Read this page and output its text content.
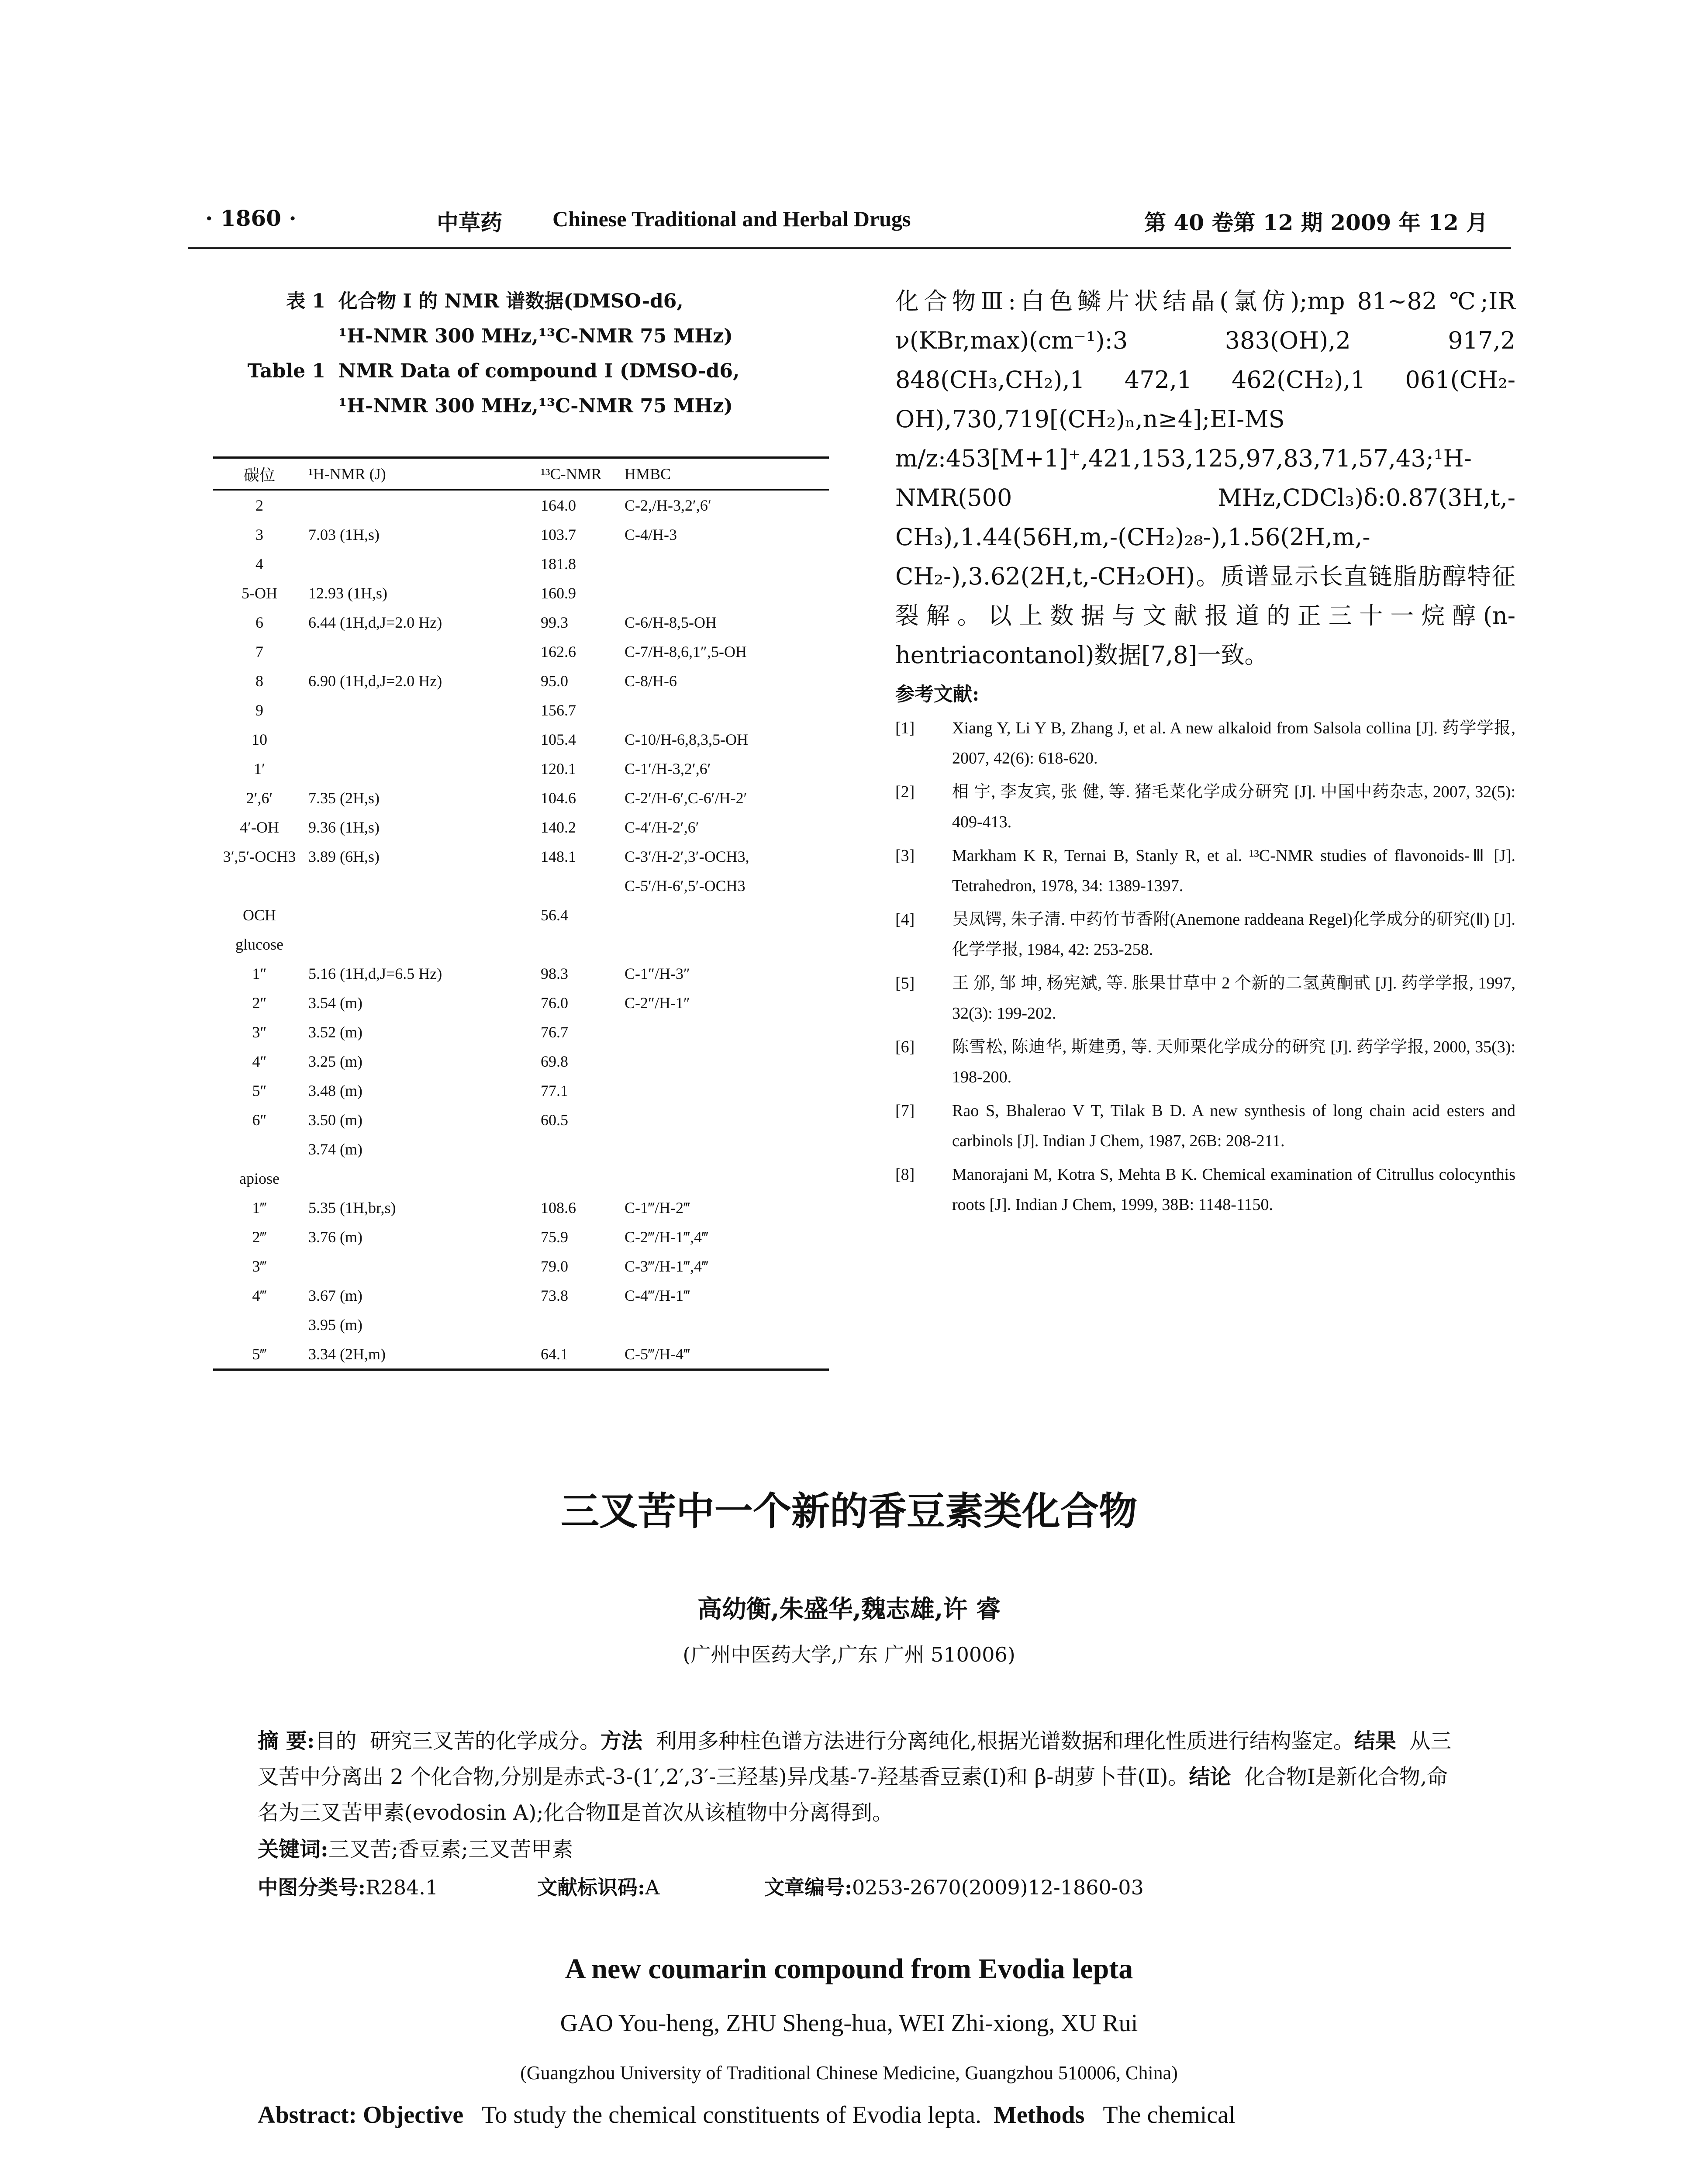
· 1860 ·	中草药 Chinese Traditional and Herbal Drugs	第 40 卷第 12 期 2009 年 12 月
表 1 化合物 Ⅰ 的 NMR 谱数据(DMSO-d6,
¹H-NMR 300 MHz,¹³C-NMR 75 MHz)
Table 1 NMR Data of compound Ⅰ (DMSO-d6,
¹H-NMR 300 MHz,¹³C-NMR 75 MHz)
碳位	¹H-NMR (J)	¹³C-NMR	HMBC
2		164.0	C-2,/H-3,2′,6′
3	7.03 (1H,s)	103.7	C-4/H-3
4		181.8	
5-OH	12.93 (1H,s)	160.9	
6	6.44 (1H,d,J=2.0 Hz)	99.3	C-6/H-8,5-OH
7		162.6	C-7/H-8,6,1″,5-OH
8	6.90 (1H,d,J=2.0 Hz)	95.0	C-8/H-6
9		156.7	
10		105.4	C-10/H-6,8,3,5-OH
1′		120.1	C-1′/H-3,2′,6′
2′,6′	7.35 (2H,s)	104.6	C-2′/H-6′,C-6′/H-2′
4′-OH	9.36 (1H,s)	140.2	C-4′/H-2′,6′
3′,5′-OCH3	3.89 (6H,s)	148.1	C-3′/H-2′,3′-OCH3,
			C-5′/H-6′,5′-OCH3
OCH		56.4	
glucose			
1″	5.16 (1H,d,J=6.5 Hz)	98.3	C-1″/H-3″
2″	3.54 (m)	76.0	C-2″/H-1″
3″	3.52 (m)	76.7	
4″	3.25 (m)	69.8	
5″	3.48 (m)	77.1	
6″	3.50 (m)	60.5	
	3.74 (m)		
apiose			
1‴	5.35 (1H,br,s)	108.6	C-1‴/H-2‴
2‴	3.76 (m)	75.9	C-2‴/H-1‴,4‴
3‴		79.0	C-3‴/H-1‴,4‴
4‴	3.67 (m)	73.8	C-4‴/H-1‴
	3.95 (m)		
5‴	3.34 (2H,m)	64.1	C-5‴/H-4‴
化合物Ⅲ:白色鳞片状结晶(氯仿);mp 81~82 ℃;IR ν(KBr,max)(cm⁻¹):3 383(OH),2 917,2 848(CH₃,CH₂),1 472,1 462(CH₂),1 061(CH₂-OH),730,719[(CH₂)ₙ,n≥4];EI-MS m/z:453[M+1]⁺,421,153,125,97,83,71,57,43;¹H-NMR(500 MHz,CDCl₃)δ:0.87(3H,t,-CH₃),1.44(56H,m,-(CH₂)₂₈-),1.56(2H,m,-CH₂-),3.62(2H,t,-CH₂OH)。质谱显示长直链脂肪醇特征裂解。以上数据与文献报道的正三十一烷醇(n-hentriacontanol)数据[7,8]一致。
参考文献:
[1] Xiang Y, Li Y B, Zhang J, et al. A new alkaloid from Salsola collina [J]. 药学学报, 2007, 42(6): 618-620.
[2] 相 宇, 李友宾, 张 健, 等. 猪毛菜化学成分研究 [J]. 中国中药杂志, 2007, 32(5): 409-413.
[3] Markham K R, Ternai B, Stanly R, et al. ¹³C-NMR studies of flavonoids-Ⅲ [J]. Tetrahedron, 1978, 34: 1389-1397.
[4] 吴凤锷, 朱子清. 中药竹节香附(Anemone raddeana Regel)化学成分的研究(Ⅱ) [J]. 化学学报, 1984, 42: 253-258.
[5] 王 邠, 邹 坤, 杨宪斌, 等. 胀果甘草中 2 个新的二氢黄酮甙 [J]. 药学学报, 1997, 32(3): 199-202.
[6] 陈雪松, 陈迪华, 斯建勇, 等. 天师栗化学成分的研究 [J]. 药学学报, 2000, 35(3): 198-200.
[7] Rao S, Bhalerao V T, Tilak B D. A new synthesis of long chain acid esters and carbinols [J]. Indian J Chem, 1987, 26B: 208-211.
[8] Manorajani M, Kotra S, Mehta B K. Chemical examination of Citrullus colocynthis roots [J]. Indian J Chem, 1999, 38B: 1148-1150.
三叉苦中一个新的香豆素类化合物
高幼衡,朱盛华,魏志雄,许 睿
(广州中医药大学,广东 广州 510006)
摘 要:目的 研究三叉苦的化学成分。方法 利用多种柱色谱方法进行分离纯化,根据光谱数据和理化性质进行结构鉴定。结果 从三叉苦中分离出 2 个化合物,分别是赤式-3-(1′,2′,3′-三羟基)异戊基-7-羟基香豆素(Ⅰ)和 β-胡萝卜苷(Ⅱ)。结论 化合物Ⅰ是新化合物,命名为三叉苦甲素(evodosin A);化合物Ⅱ是首次从该植物中分离得到。
关键词:三叉苦;香豆素;三叉苦甲素
中图分类号:R284.1	文献标识码:A	文章编号:0253-2670(2009)12-1860-03
A new coumarin compound from Evodia lepta
GAO You-heng, ZHU Sheng-hua, WEI Zhi-xiong, XU Rui
(Guangzhou University of Traditional Chinese Medicine, Guangzhou 510006, China)
Abstract: Objective To study the chemical constituents of Evodia lepta. Methods The chemical
